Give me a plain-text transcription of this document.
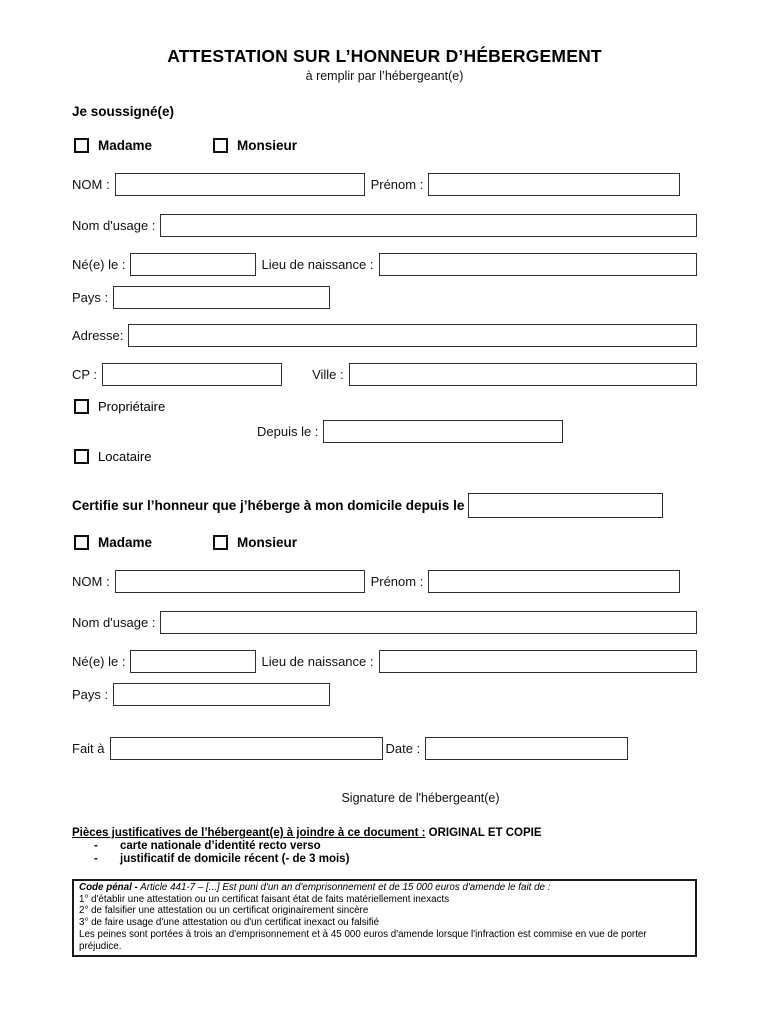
ATTESTATION SUR L’HONNEUR D’HÉBERGEMENT
à remplir par l’hébergeant(e)
Je soussigné(e)
Madame	Monsieur
NOM :	Prénom :
Nom d'usage :
Né(e) le :	Lieu de naissance :
Pays :
Adresse:
CP :	Ville :
Propriétaire
Depuis le :
Locataire
Certifie sur l’honneur que j’héberge à mon domicile depuis le
Madame	Monsieur
NOM :	Prénom :
Nom d'usage :
Né(e) le :	Lieu de naissance :
Pays :
Fait à	Date :
Signature de l'hébergeant(e)
Pièces justificatives de l’hébergeant(e) à joindre à ce document : ORIGINAL ET COPIE
-	carte nationale d’identité recto verso
-	justificatif de domicile récent (- de 3 mois)
Code pénal - Article 441-7 – [...] Est puni d'un an d'emprisonnement et de 15 000 euros d'amende le fait de :
1° d'établir une attestation ou un certificat faisant état de faits matériellement inexacts
2° de falsifier une attestation ou un certificat originairement sincère
3° de faire usage d'une attestation ou d'un certificat inexact ou falsifié
Les peines sont portées à trois an d'emprisonnement et à 45 000 euros d'amende lorsque l'infraction est commise en vue de porter préjudice.
